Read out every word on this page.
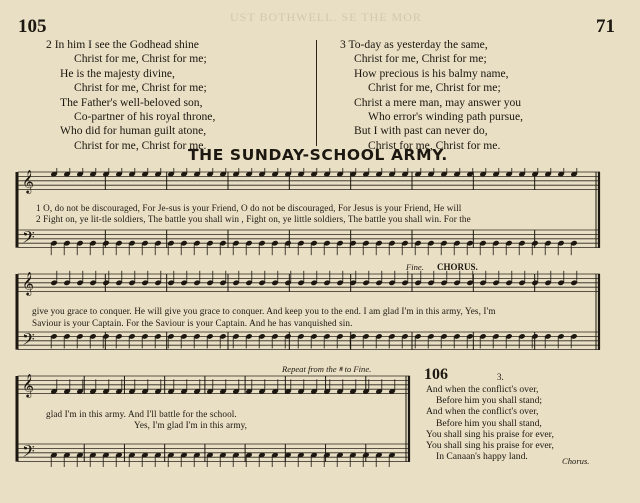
105	71
UST BOTHWELL. SE THE MOR
2 In him I see the Godhead shine
Christ for me, Christ for me;
He is the majesty divine,
Christ for me, Christ for me;
The Father's well-beloved son,
Co-partner of his royal throne,
Who did for human guilt atone,
Christ for me, Christ for me.
3 To-day as yesterday the same,
Christ for me, Christ for me;
How precious is his balmy name,
Christ for me, Christ for me;
Christ a mere man, may answer you
Who error's winding path pursue,
But I with past can never do,
Christ for me, Christ for me.
THE SUNDAY-SCHOOL ARMY.
𝄞
𝄢
1 O, do not be discouraged, For Je-sus is your Friend, O do not be discouraged, For Jesus is your Friend, He will
2 Fight on, ye lit-tle soldiers, The battle you shall win , Fight on, ye little soldiers, The battle you shall win. For the
𝄞
𝄢
Fine. CHORUS.
give you grace to conquer. He will give you grace to conquer. And keep you to the end. I am glad I'm in this army, Yes, I'm
Saviour is your Captain. For the Saviour is your Captain. And he has vanquished sin.
𝄞
𝄢
Repeat from the 𝄋 to Fine.
glad I'm in this army. And I'll battle for the school.
Yes, I'm glad I'm in this army,
106	3.
And when the conflict's over,
Before him you shall stand;
And when the conflict's over,
Before him you shall stand,
You shall sing his praise for ever,
You shall sing his praise for ever,
In Canaan's happy land.	Chorus.
